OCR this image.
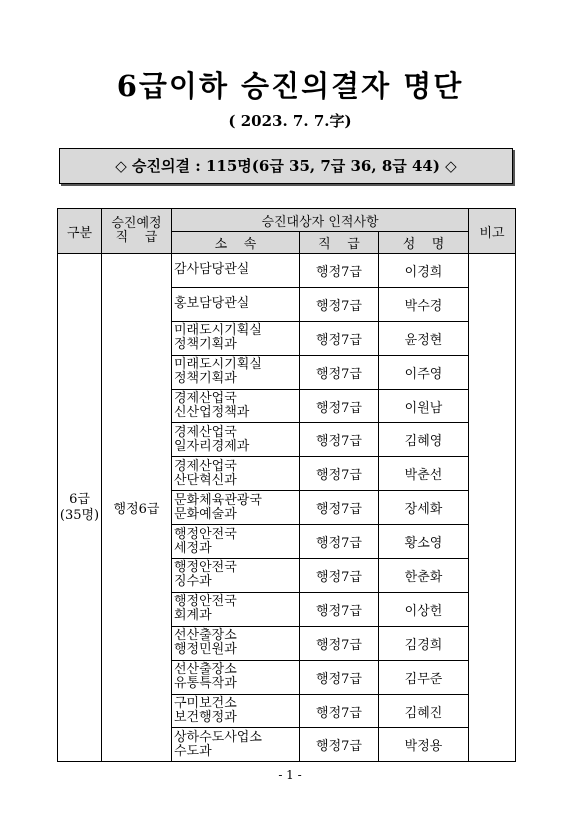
6급이하 승진의결자 명단
( 2023. 7. 7.字)
◇ 승진의결 : 115명(6급 35, 7급 36, 8급 44) ◇
구분	승진예정
직    급	승진대상자 인적사항			비고
		소    속	직    급	성    명	

6급
(35명)	행정6급	감사담당관실	행정7급	이경희	

		홍보담당관실	행정7급	박수경	

		미래도시기획실
정책기획과	행정7급	윤정현	

		미래도시기획실
정책기획과	행정7급	이주영	

		경제산업국
신산업정책과	행정7급	이원남	

		경제산업국
일자리경제과	행정7급	김혜영	

		경제산업국
산단혁신과	행정7급	박춘선	

		문화체육관광국
문화예술과	행정7급	장세화	

		행정안전국
세정과	행정7급	황소영	

		행정안전국
징수과	행정7급	한춘화	

		행정안전국
회계과	행정7급	이상헌	

		선산출장소
행정민원과	행정7급	김경희	

		선산출장소
유통특작과	행정7급	김무준	

		구미보건소
보건행정과	행정7급	김혜진	

		상하수도사업소
수도과	행정7급	박정용	
- 1 -
